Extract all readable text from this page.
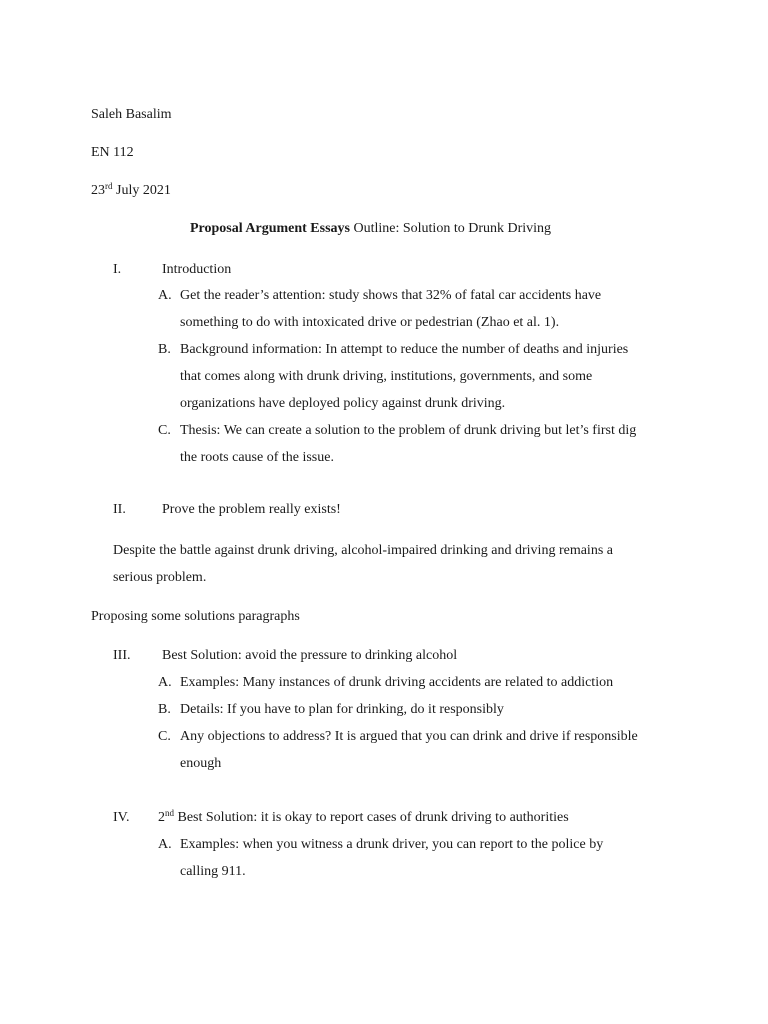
Saleh Basalim
EN 112
23rd July 2021
Proposal Argument Essays Outline: Solution to Drunk Driving
I.	Introduction
A. Get the reader’s attention: study shows that 32% of fatal car accidents have
something to do with intoxicated drive or pedestrian (Zhao et al. 1).
B. Background information: In attempt to reduce the number of deaths and injuries
that comes along with drunk driving, institutions, governments, and some
organizations have deployed policy against drunk driving.
C. Thesis: We can create a solution to the problem of drunk driving but let’s first dig
the roots cause of the issue.
II.	Prove the problem really exists!
Despite the battle against drunk driving, alcohol-impaired drinking and driving remains a
serious problem.
Proposing some solutions paragraphs
III. Best Solution: avoid the pressure to drinking alcohol
A. Examples: Many instances of drunk driving accidents are related to addiction
B. Details: If you have to plan for drinking, do it responsibly
C. Any objections to address? It is argued that you can drink and drive if responsible
enough
IV. 2nd Best Solution: it is okay to report cases of drunk driving to authorities
A. Examples: when you witness a drunk driver, you can report to the police by
calling 911.
